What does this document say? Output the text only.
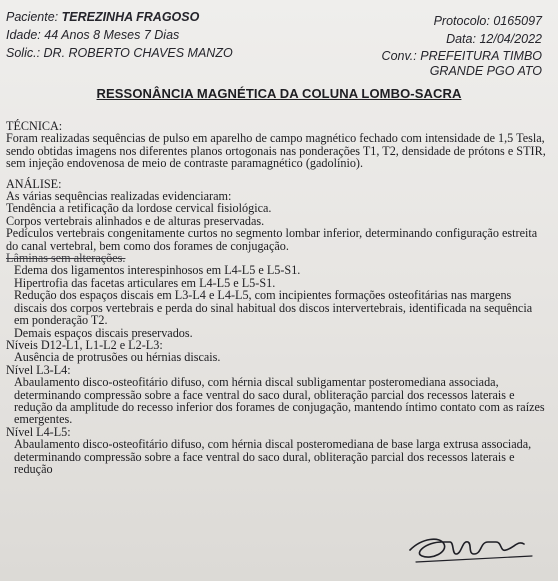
Paciente: TEREZINHA FRAGOSO
Idade: 44 Anos 8 Meses 7 Dias
Solic.: DR. ROBERTO CHAVES MANZO
Protocolo: 0165097
Data: 12/04/2022
Conv.: PREFEITURA TIMBO
GRANDE PGO ATO
RESSONÂNCIA MAGNÉTICA DA COLUNA LOMBO-SACRA
TÉCNICA:
Foram realizadas sequências de pulso em aparelho de campo magnético fechado com intensidade de 1,5 Tesla, sendo obtidas imagens nos diferentes planos ortogonais nas ponderações T1, T2, densidade de prótons e STIR, sem injeção endovenosa de meio de contraste paramagnético (gadolínio).
ANÁLISE:
As várias sequências realizadas evidenciaram:
Tendência a retificação da lordose cervical fisiológica.
Corpos vertebrais alinhados e de alturas preservadas.
Pedículos vertebrais congenitamente curtos no segmento lombar inferior, determinando configuração estreita do canal vertebral, bem como dos forames de conjugação.
Lâminas sem alterações.
Edema dos ligamentos interespinhosos em L4-L5 e L5-S1.
Hipertrofia das facetas articulares em L4-L5 e L5-S1.
Redução dos espaços discais em L3-L4 e L4-L5, com incipientes formações osteofitárias nas margens discais dos corpos vertebrais e perda do sinal habitual dos discos intervertebrais, identificada na sequência em ponderação T2.
Demais espaços discais preservados.
Níveis D12-L1, L1-L2 e L2-L3:
Ausência de protrusões ou hérnias discais.
Nível L3-L4:
Abaulamento disco-osteofitário difuso, com hérnia discal subligamentar posteromediana associada, determinando compressão sobre a face ventral do saco dural, obliteração parcial dos recessos laterais e redução da amplitude do recesso inferior dos forames de conjugação, mantendo íntimo contato com as raízes emergentes.
Nível L4-L5:
Abaulamento disco-osteofitário difuso, com hérnia discal posteromediana de base larga extrusa associada, determinando compressão sobre a face ventral do saco dural, obliteração parcial dos recessos laterais e redução
